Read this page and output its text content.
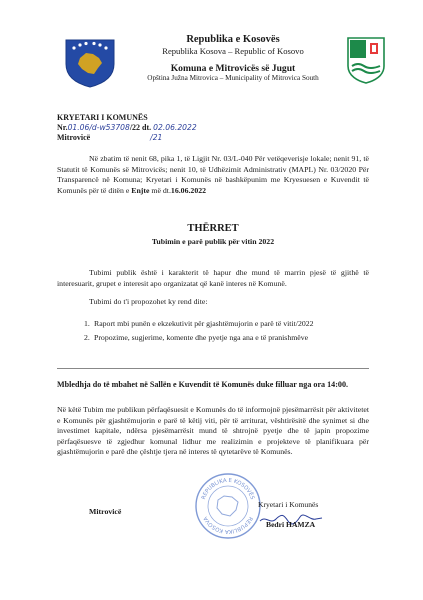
Republika e Kosovës
Republika Kosova – Republic of Kosovo
Komuna e Mitrovicës së Jugut
Opština Južna Mitrovica – Municipality of Mitrovica South
KRYETARI I KOMUNËS
Nr.01.06/d-w53708/22 dt. 02.06.2022
Mitrovicë	/21
Në zbatim të nenit 68, pika 1, të Ligjit Nr. 03/L-040 Për vetëqeverisje lokale; nenit 91, të Statutit të Komunës së Mitrovicës; nenit 10, të Udhëzimit Administrativ (MAPL) Nr. 03/2020 Për Transparencë në Komuna; Kryetari i Komunës në bashkëpunim me Kryesuesen e Kuvendit të Komunës për të ditën e Enjte më dt.16.06.2022
THËRRET
Tubimin e parë publik për vitin 2022
Tubimi publik është i karakterit të hapur dhe mund të marrin pjesë të gjithë të interesuarit, grupet e interesit apo organizatat që kanë interes në Komunë.
Tubimi do t'i propozohet ky rend dite:
1. Raport mbi punën e ekzekutivit për gjashtëmujorin e parë të vitit/2022
2. Propozime, sugjerime, komente dhe pyetje nga ana e të pranishmëve
Mbledhja do të mbahet në Sallën e Kuvendit të Komunës duke filluar nga ora 14:00.
Në këtë Tubim me publikun përfaqësuesit e Komunës do të informojnë pjesëmarrësit për aktivitetet e Komunës për gjashtëmujorin e parë të këtij viti, për të arriturat, vështirësitë dhe synimet si dhe investimet kapitale, ndërsa pjesëmarrësit mund të shtrojnë pyetje dhe të japin propozime përfaqësuesve të zgjedhur komunal lidhur me realizimin e projekteve të planifikuara për gjashtëmujorin e parë dhe çështje tjera në interes të qytetarëve të Komunës.
Mitrovicë
REPUBLIKA E KOSOVËS
REPUBLIKA KOSOVA
Kryetari i Komunës
Bedri HAMZA
